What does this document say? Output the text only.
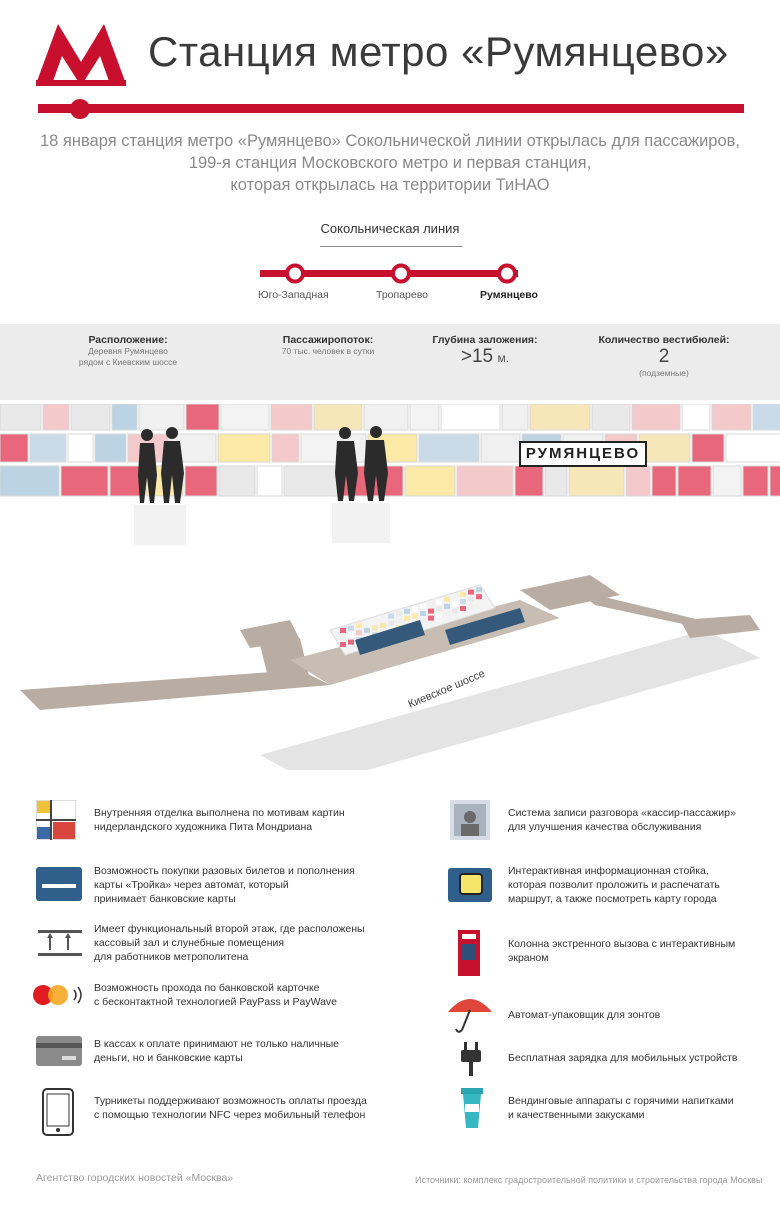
Станция метро «Румянцево»
18 января станция метро «Румянцево» Сокольнической линии открылась для пассажиров,
199-я станция Московского метро и первая станция,
которая открылась на территории ТиНАО
Сокольническая линия
Юго-Западная	Тропарево	Румянцево
Расположение:
Деревня Румянцево
рядом с Киевским шоссе
Пассажиропоток:
70 тыс. человек в сутки
Глубина заложения:
>15 м.
Количество вестибюлей:
2
(подземные)
РУМЯНЦЕВО
Киевское шоссе
Внутренняя отделка выполнена по мотивам картин
нидерландского художника Пита Мондриана
Возможность покупки разовых билетов и пополнения
карты «Тройка» через автомат, который
принимает банковские карты
Имеет функциональный второй этаж, где расположены
кассовый зал и слунебные помещения
для работников метрополитена
Возможность прохода по банковской карточке
с бесконтактной технологией PayPass и PayWave
В кассах к оплате принимают не только наличные
деньги, но и банковские карты
Турникеты поддерживают возможность оплаты проезда
с помощью технологии NFC через мобильный телефон
Система записи разговора «кассир-пассажир»
для улучшения качества обслуживания
Интерактивная информационная стойка,
которая позволит проложить и распечатать
маршрут, а также посмотреть карту города
Колонна экстренного вызова с интерактивным
экраном
Автомат-упаковщик для зонтов
Бесплатная зарядка для мобильных устройств
Вендинговые аппараты с горячими напитками
и качественными закусками
Агентство городских новостей «Москва»	Источники: комплекс градостроительной политики и строительства города Москвы
